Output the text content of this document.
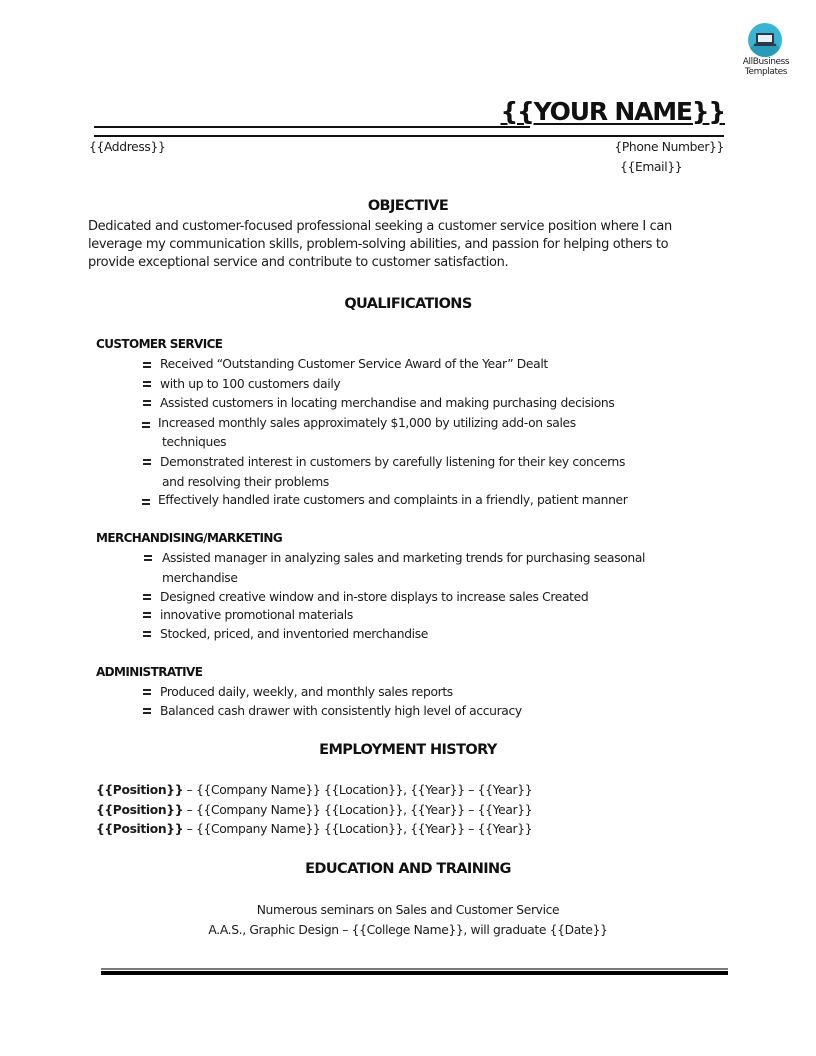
AllBusiness
Templates
{{YOUR NAME}}
{{Address}}	{Phone Number}}
{{Email}}
OBJECTIVE
Dedicated and customer-focused professional seeking a customer service position where I can
leverage my communication skills, problem-solving abilities, and passion for helping others to
provide exceptional service and contribute to customer satisfaction.
QUALIFICATIONS
CUSTOMER SERVICE
Received “Outstanding Customer Service Award of the Year” Dealt
with up to 100 customers daily
Assisted customers in locating merchandise and making purchasing decisions
Increased monthly sales approximately $1,000 by utilizing add-on sales
techniques
Demonstrated interest in customers by carefully listening for their key concerns
and resolving their problems
Effectively handled irate customers and complaints in a friendly, patient manner
MERCHANDISING/MARKETING
Assisted manager in analyzing sales and marketing trends for purchasing seasonal
merchandise
Designed creative window and in-store displays to increase sales Created
innovative promotional materials
Stocked, priced, and inventoried merchandise
ADMINISTRATIVE
Produced daily, weekly, and monthly sales reports
Balanced cash drawer with consistently high level of accuracy
EMPLOYMENT HISTORY
{{Position}} – {{Company Name}} {{Location}}, {{Year}} – {{Year}}
{{Position}} – {{Company Name}} {{Location}}, {{Year}} – {{Year}}
{{Position}} – {{Company Name}} {{Location}}, {{Year}} – {{Year}}
EDUCATION AND TRAINING
Numerous seminars on Sales and Customer Service
A.A.S., Graphic Design – {{College Name}}, will graduate {{Date}}
